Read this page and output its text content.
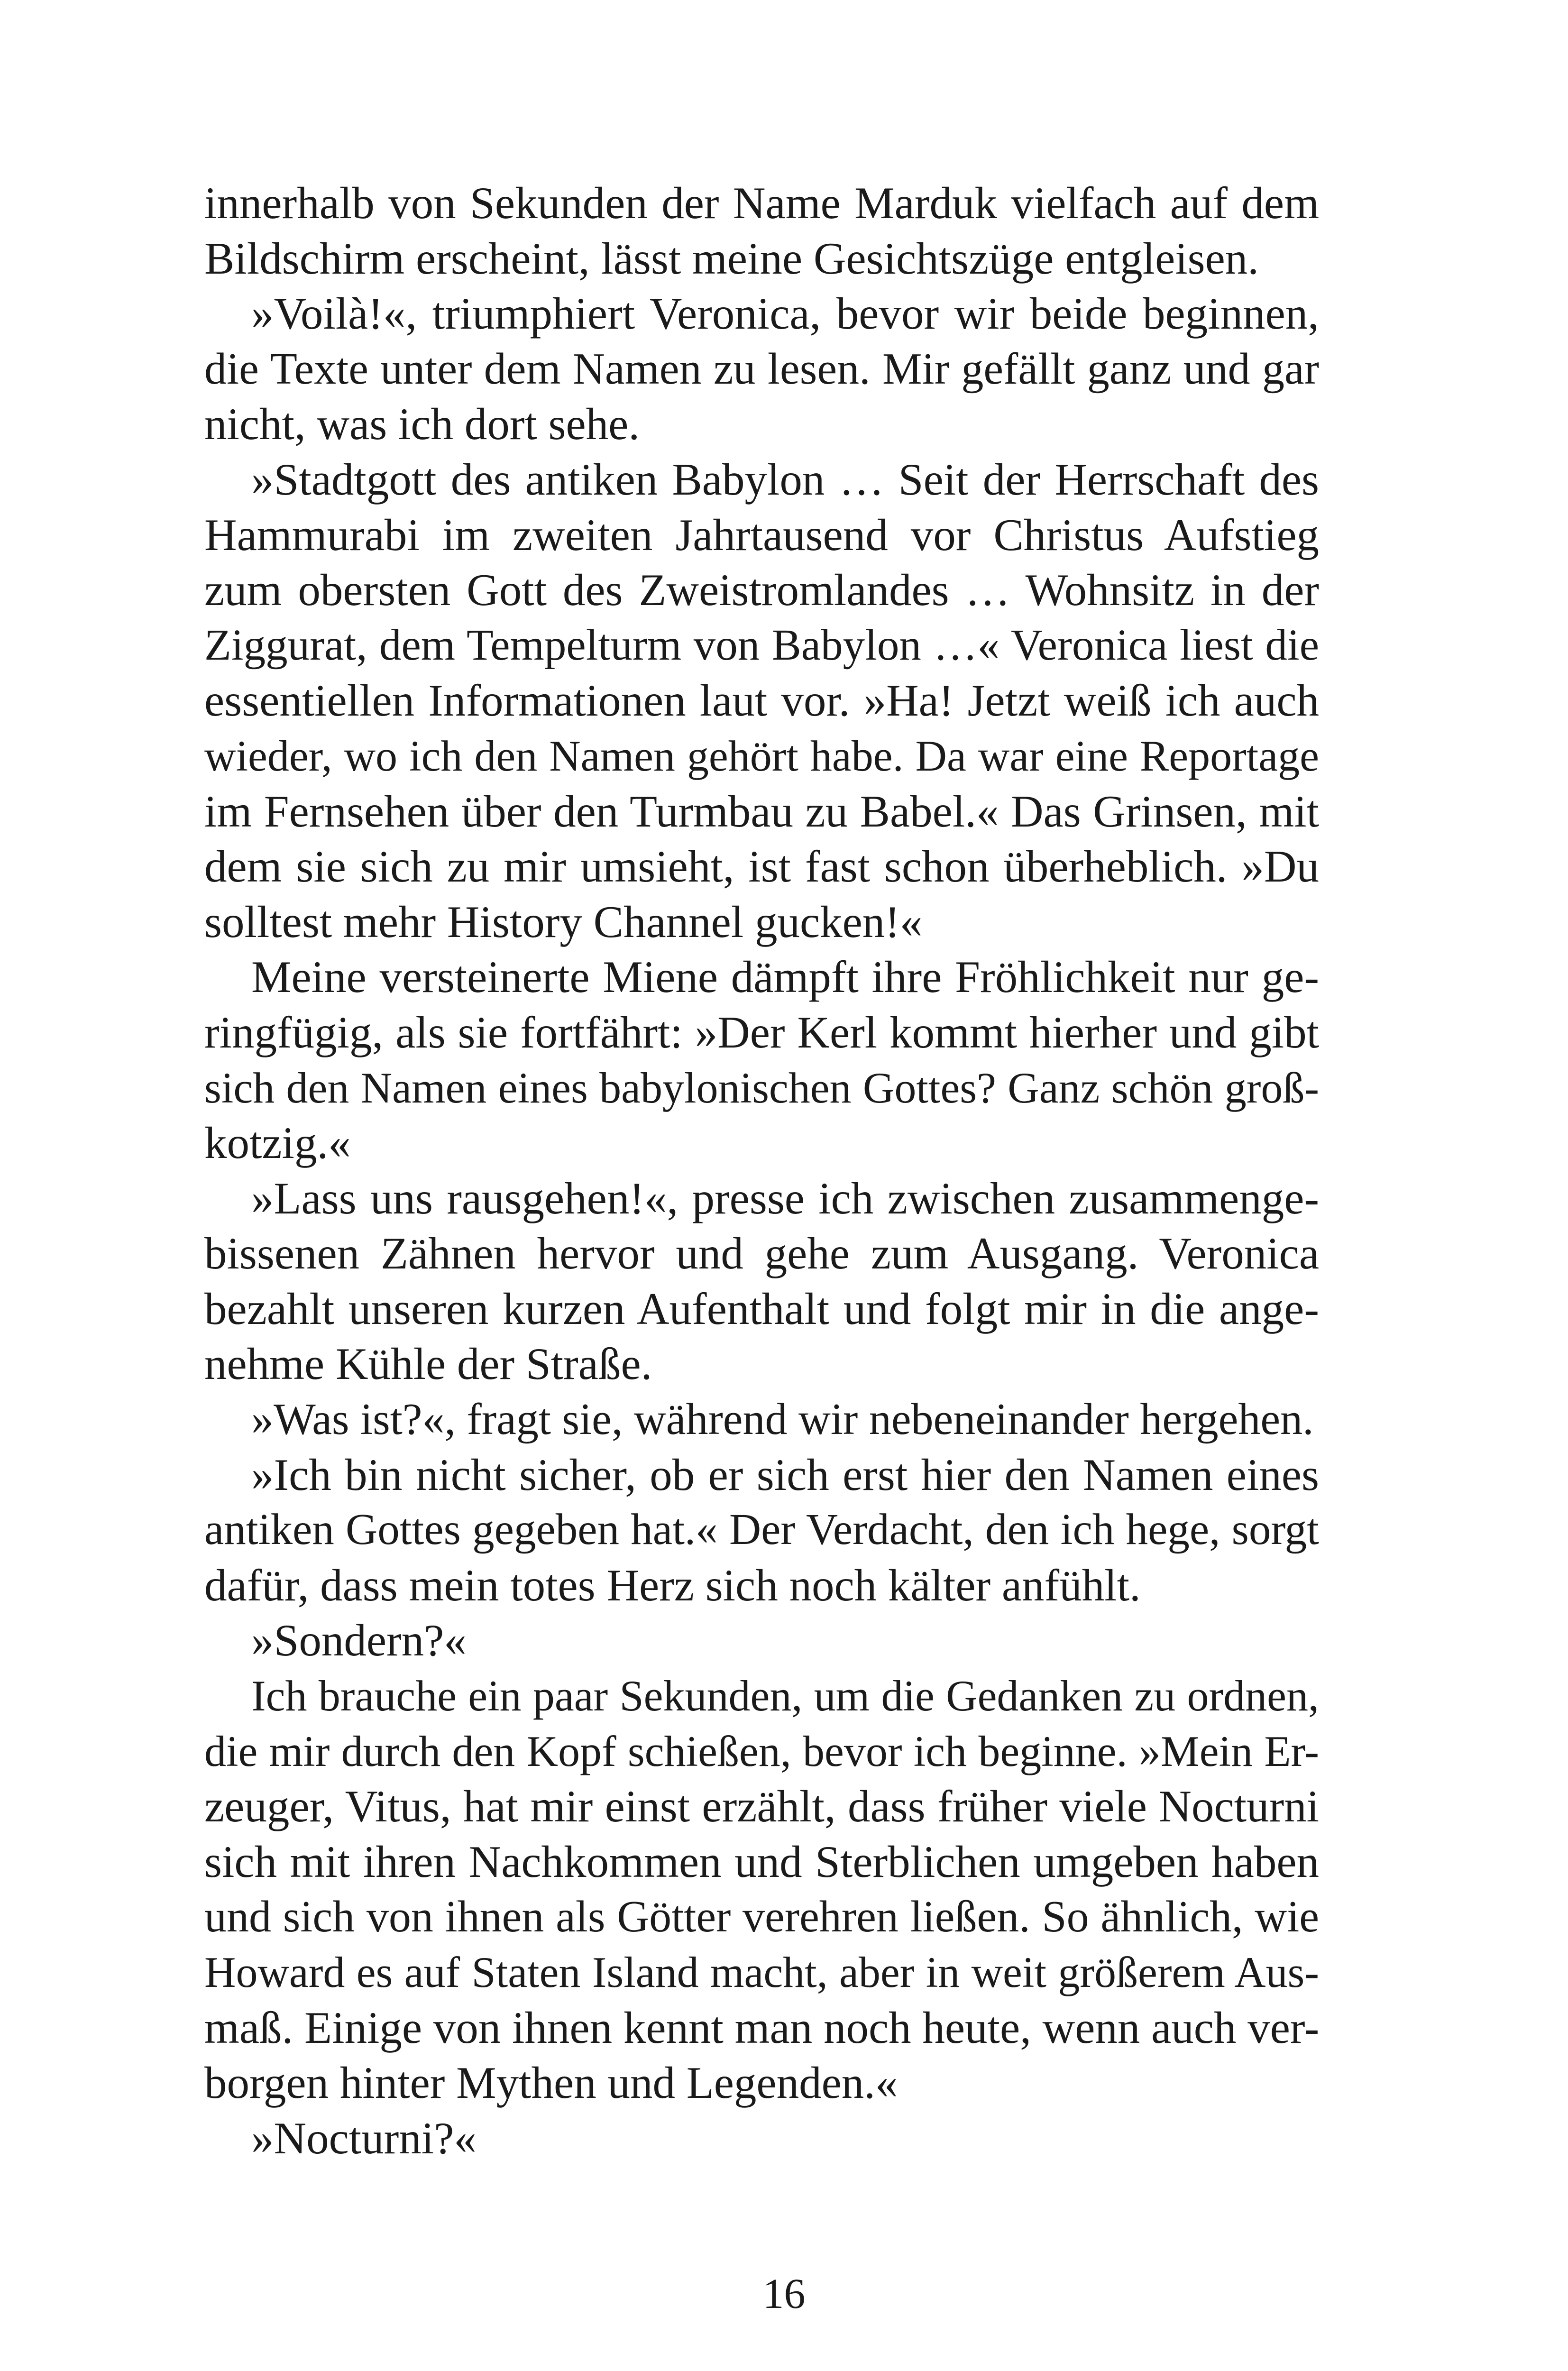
innerhalb von Sekunden der Name Marduk vielfach auf dem
Bildschirm erscheint, lässt meine Gesichtszüge entgleisen.
»Voilà!«, triumphiert Veronica, bevor wir beide beginnen,
die Texte unter dem Namen zu lesen. Mir gefällt ganz und gar
nicht, was ich dort sehe.
»Stadtgott des antiken Babylon … Seit der Herrschaft des
Hammurabi im zweiten Jahrtausend vor Christus Aufstieg
zum obersten Gott des Zweistromlandes … Wohnsitz in der
Ziggurat, dem Tempelturm von Babylon …« Veronica liest die
essentiellen Informationen laut vor. »Ha! Jetzt weiß ich auch
wieder, wo ich den Namen gehört habe. Da war eine Reportage
im Fernsehen über den Turmbau zu Babel.« Das Grinsen, mit
dem sie sich zu mir umsieht, ist fast schon überheblich. »Du
solltest mehr History Channel gucken!«
Meine versteinerte Miene dämpft ihre Fröhlichkeit nur ge-
ringfügig, als sie fortfährt: »Der Kerl kommt hierher und gibt
sich den Namen eines babylonischen Gottes? Ganz schön groß-
kotzig.«
»Lass uns rausgehen!«, presse ich zwischen zusammenge-
bissenen Zähnen hervor und gehe zum Ausgang. Veronica
bezahlt unseren kurzen Aufenthalt und folgt mir in die ange-
nehme Kühle der Straße.
»Was ist?«, fragt sie, während wir nebeneinander hergehen.
»Ich bin nicht sicher, ob er sich erst hier den Namen eines
antiken Gottes gegeben hat.« Der Verdacht, den ich hege, sorgt
dafür, dass mein totes Herz sich noch kälter anfühlt.
»Sondern?«
Ich brauche ein paar Sekunden, um die Gedanken zu ordnen,
die mir durch den Kopf schießen, bevor ich beginne. »Mein Er-
zeuger, Vitus, hat mir einst erzählt, dass früher viele Nocturni
sich mit ihren Nachkommen und Sterblichen umgeben haben
und sich von ihnen als Götter verehren ließen. So ähnlich, wie
Howard es auf Staten Island macht, aber in weit größerem Aus-
maß. Einige von ihnen kennt man noch heute, wenn auch ver-
borgen hinter Mythen und Legenden.«
»Nocturni?«
16
